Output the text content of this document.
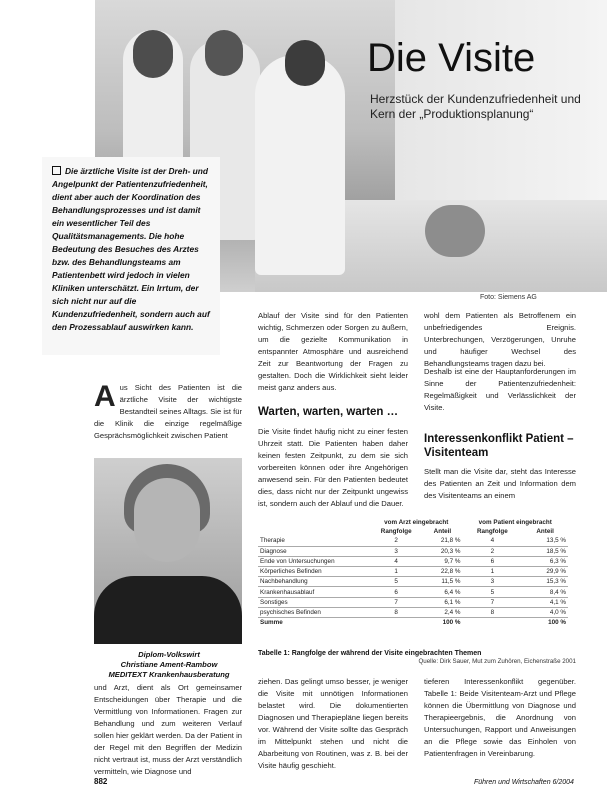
Die Visite
Herzstück der Kundenzufriedenheit und Kern der „Produktionsplanung“
Foto: Siemens AG
Die ärztliche Visite ist der Dreh- und Angelpunkt der Patientenzufriedenheit, dient aber auch der Koordination des Behandlungsprozesses und ist damit ein wesentlicher Teil des Qualitätsmanagements. Die hohe Bedeutung des Besuches des Arztes bzw. des Behandlungsteams am Patientenbett wird jedoch in vielen Kliniken unterschätzt. Ein Irrtum, der sich nicht nur auf die Kundenzufriedenheit, sondern auch auf den Prozessablauf auswirken kann.
Aus Sicht des Patienten ist die ärztliche Visite der wichtigste Bestandteil seines Alltags. Sie ist für die Klinik die einzige regelmäßige Gesprächsmöglichkeit zwischen Patient
Diplom-Volkswirt
Christiane Ament-Rambow
MEDITEXT Krankenhausberatung
und Arzt, dient als Ort gemeinsamer Entscheidungen über Therapie und die Vermittlung von Informationen. Fragen zur Behandlung und zum weiteren Verlauf sollen hier geklärt werden. Da der Patient in der Regel mit den Begriffen der Medizin nicht vertraut ist, muss der Arzt verständlich vermitteln, wie Diagnose und
Ablauf der Visite sind für den Patienten wichtig, Schmerzen oder Sorgen zu äußern, um die gezielte Kommunikation in entspannter Atmosphäre und ausreichend Zeit zur Beantwortung der Fragen zu gestalten. Doch die Wirklichkeit sieht leider meist ganz anders aus.
Warten, warten, warten …
Die Visite findet häufig nicht zu einer festen Uhrzeit statt. Die Patienten haben daher keinen festen Zeitpunkt, zu dem sie sich vorbereiten können oder ihre Angehörigen anwesend sein. Für den Patienten bedeutet dies, dass nicht nur der Zeitpunkt ungewiss ist, sondern auch der Ablauf und die Dauer.
wohl dem Patienten als Betroffenem ein unbefriedigendes Ereignis. Unterbrechungen, Verzögerungen, Unruhe und häufiger Wechsel des Behandlungsteams tragen dazu bei.
Deshalb ist eine der Hauptanforderungen im Sinne der Patientenzufriedenheit: Regelmäßigkeit und Verlässlichkeit der Visite.
Interessenkonflikt Patient – Visitenteam
Stellt man die Visite dar, steht das Interesse des Patienten an Zeit und Information dem des Visitenteams an einem
	vom Arzt eingebracht		vom Patient eingebracht	
	Rangfolge	Anteil	Rangfolge	Anteil
Therapie	2	21,8 %	4	13,5 %
Diagnose	3	20,3 %	2	18,5 %
Ende von Untersuchungen	4	9,7 %	6	6,3 %
Körperliches Befinden	1	22,8 %	1	29,9 %
Nachbehandlung	5	11,5 %	3	15,3 %
Krankenhausablauf	6	6,4 %	5	8,4 %
Sonstiges	7	6,1 %	7	4,1 %
psychisches Befinden	8	2,4 %	8	4,0 %
Summe		100 %		100 %
Tabelle 1: Rangfolge der während der Visite eingebrachten Themen
Quelle: Dirk Sauer, Mut zum Zuhören, Eichenstraße 2001
ziehen. Das gelingt umso besser, je weniger die Visite mit unnötigen Informationen belastet wird. Die dokumentierten Diagnosen und Therapiepläne liegen bereits vor. Während der Visite sollte das Gespräch im Mittelpunkt stehen und nicht die Abarbeitung von Routinen, was z. B. bei der Visite häufig geschieht.
tieferen Interessenkonflikt gegenüber. Tabelle 1: Beide Visitenteam-Arzt und Pflege können die Übermittlung von Diagnose und Therapieergebnis, die Anordnung von Untersuchungen, Rapport und Anweisungen an die Pflege sowie das Einholen von Patientenfragen in Vereinbarung.
882	Führen und Wirtschaften 6/2004
